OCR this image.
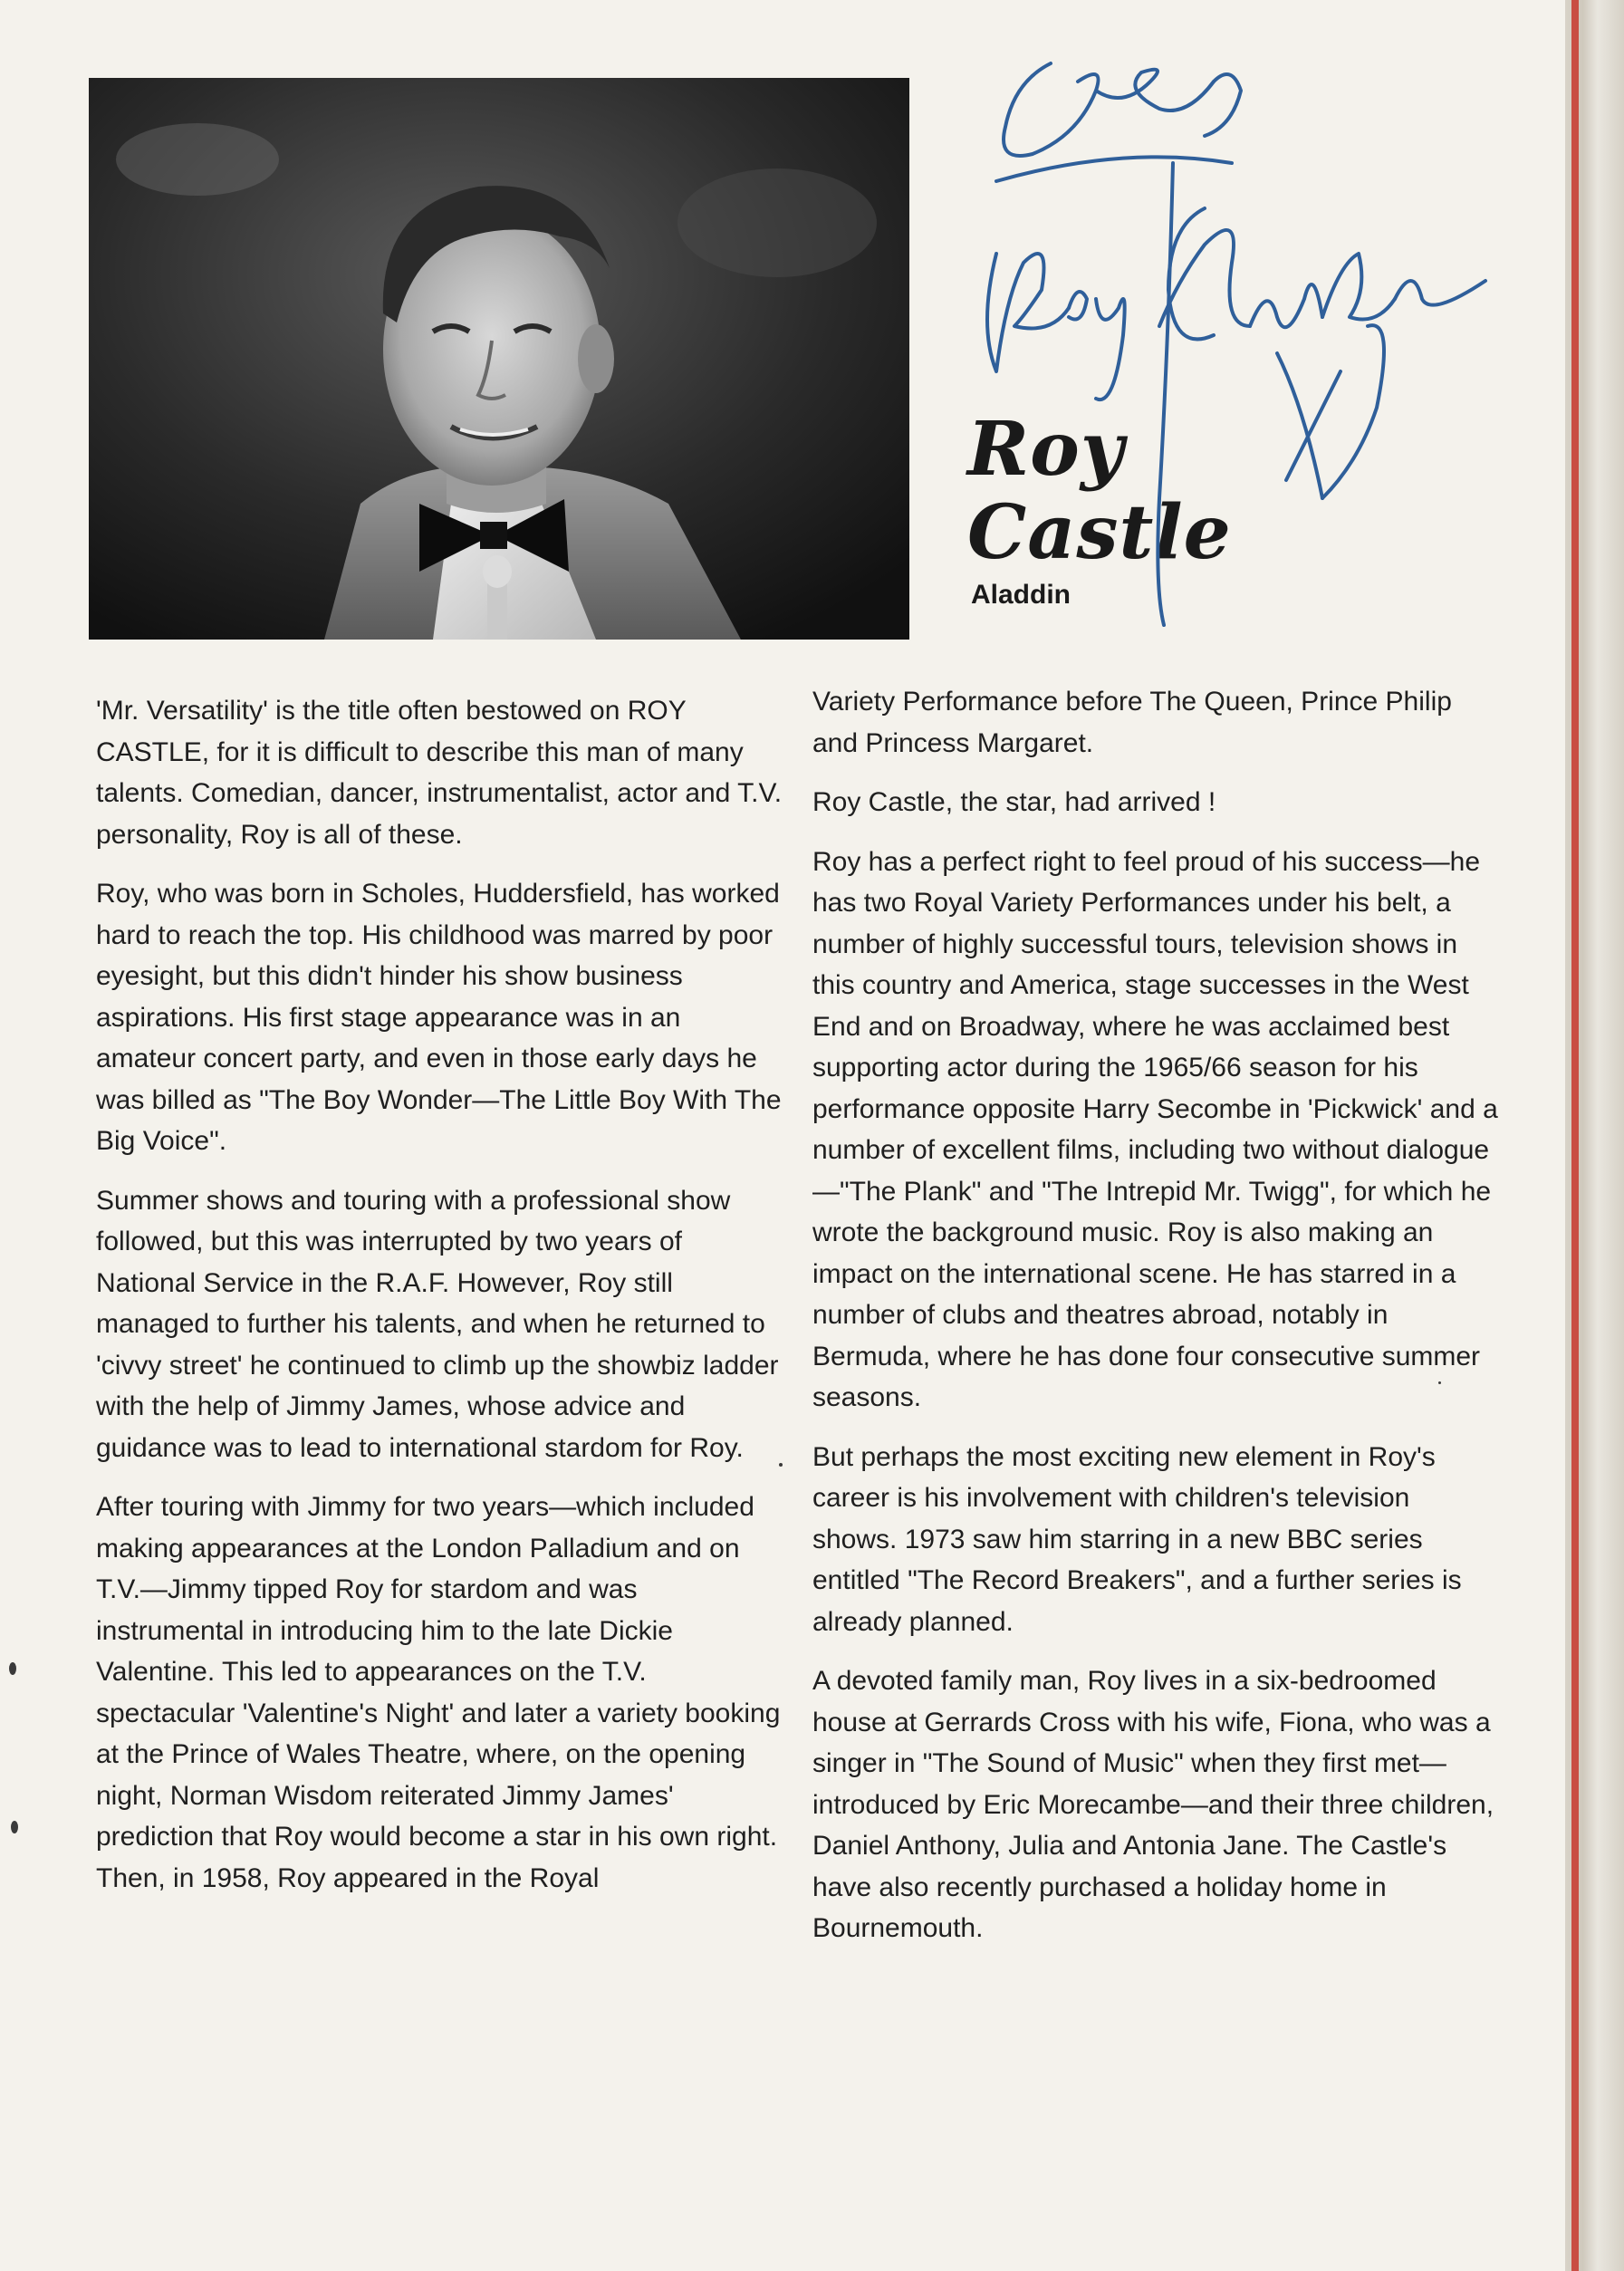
Roy
Castle
Aladdin

'Mr. Versatility' is the title often bestowed on ROY CASTLE, for it is difficult to describe this man of many talents. Comedian, dancer, instrumentalist, actor and T.V. personality, Roy is all of these.

Roy, who was born in Scholes, Huddersfield, has worked hard to reach the top. His childhood was marred by poor eyesight, but this didn't hinder his show business aspirations. His first stage appearance was in an amateur concert party, and even in those early days he was billed as "The Boy Wonder—The Little Boy With The Big Voice".

Summer shows and touring with a professional show followed, but this was interrupted by two years of National Service in the R.A.F. However, Roy still managed to further his talents, and when he returned to 'civvy street' he continued to climb up the showbiz ladder with the help of Jimmy James, whose advice and guidance was to lead to international stardom for Roy.

After touring with Jimmy for two years—which included making appearances at the London Palladium and on T.V.—Jimmy tipped Roy for stardom and was instrumental in introducing him to the late Dickie Valentine. This led to appearances on the T.V. spectacular 'Valentine's Night' and later a variety booking at the Prince of Wales Theatre, where, on the opening night, Norman Wisdom reiterated Jimmy James' prediction that Roy would become a star in his own right. Then, in 1958, Roy appeared in the Royal

Variety Performance before The Queen, Prince Philip and Princess Margaret.

Roy Castle, the star, had arrived !

Roy has a perfect right to feel proud of his success—he has two Royal Variety Performances under his belt, a number of highly successful tours, television shows in this country and America, stage successes in the West End and on Broadway, where he was acclaimed best supporting actor during the 1965/66 season for his performance opposite Harry Secombe in 'Pickwick' and a number of excellent films, including two without dialogue—"The Plank" and "The Intrepid Mr. Twigg", for which he wrote the background music. Roy is also making an impact on the international scene. He has starred in a number of clubs and theatres abroad, notably in Bermuda, where he has done four consecutive summer seasons.

But perhaps the most exciting new element in Roy's career is his involvement with children's television shows. 1973 saw him starring in a new BBC series entitled "The Record Breakers", and a further series is already planned.

A devoted family man, Roy lives in a six-bedroomed house at Gerrards Cross with his wife, Fiona, who was a singer in "The Sound of Music" when they first met—introduced by Eric Morecambe—and their three children, Daniel Anthony, Julia and Antonia Jane. The Castle's have also recently purchased a holiday home in Bournemouth.
